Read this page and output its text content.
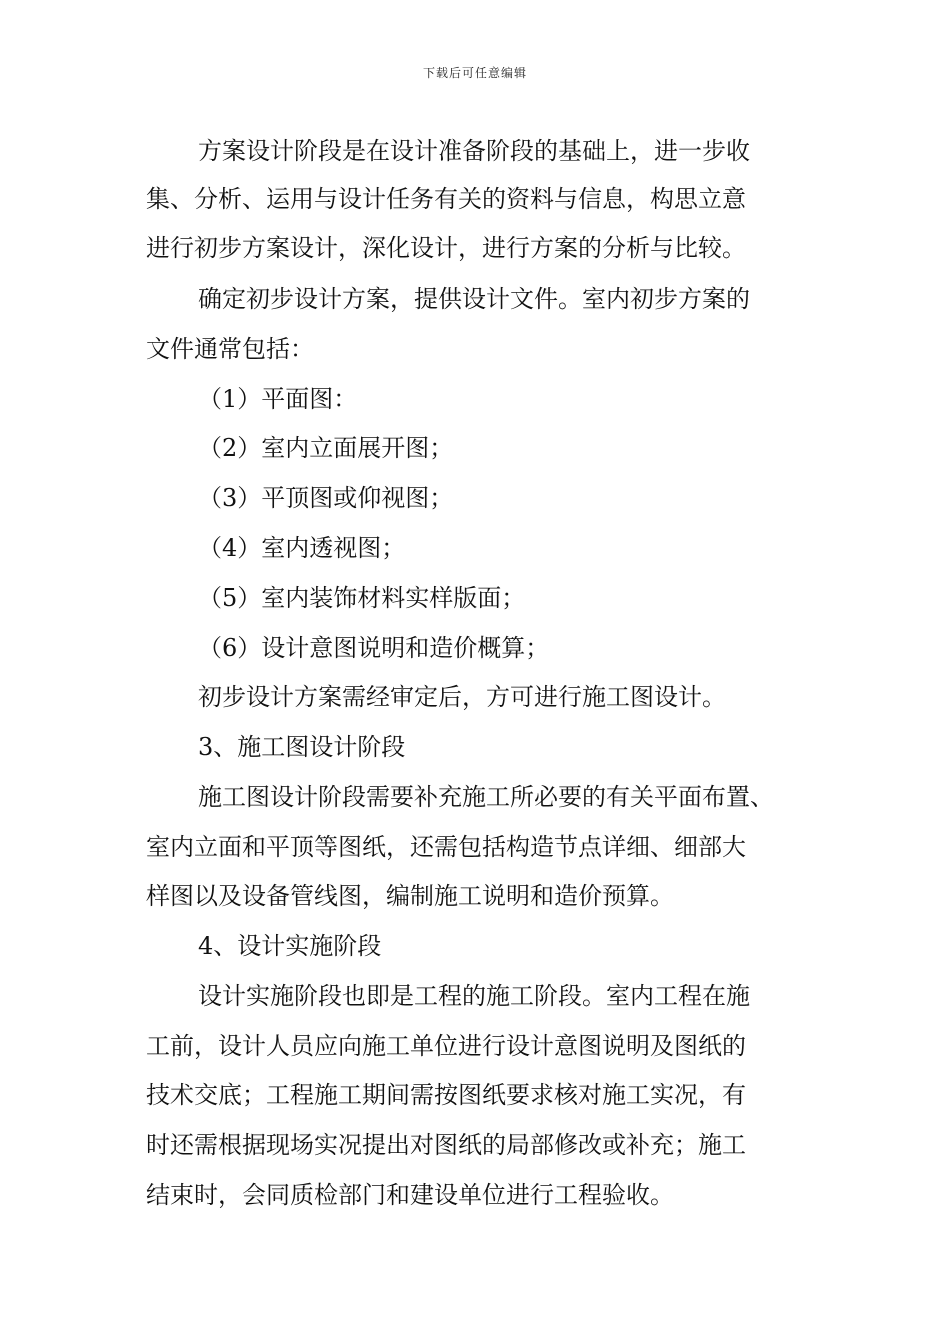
下载后可任意编辑
方案设计阶段是在设计准备阶段的基础上，进一步收
集、分析、运用与设计任务有关的资料与信息，构思立意
进行初步方案设计，深化设计，进行方案的分析与比较。
确定初步设计方案，提供设计文件。室内初步方案的
文件通常包括：
（1）平面图：
（2）室内立面展开图；
（3）平顶图或仰视图；
（4）室内透视图；
（5）室内装饰材料实样版面；
（6）设计意图说明和造价概算；
初步设计方案需经审定后，方可进行施工图设计。
3、施工图设计阶段
施工图设计阶段需要补充施工所必要的有关平面布置、
室内立面和平顶等图纸，还需包括构造节点详细、细部大
样图以及设备管线图，编制施工说明和造价预算。
4、设计实施阶段
设计实施阶段也即是工程的施工阶段。室内工程在施
工前，设计人员应向施工单位进行设计意图说明及图纸的
技术交底；工程施工期间需按图纸要求核对施工实况，有
时还需根据现场实况提出对图纸的局部修改或补充；施工
结束时，会同质检部门和建设单位进行工程验收。
